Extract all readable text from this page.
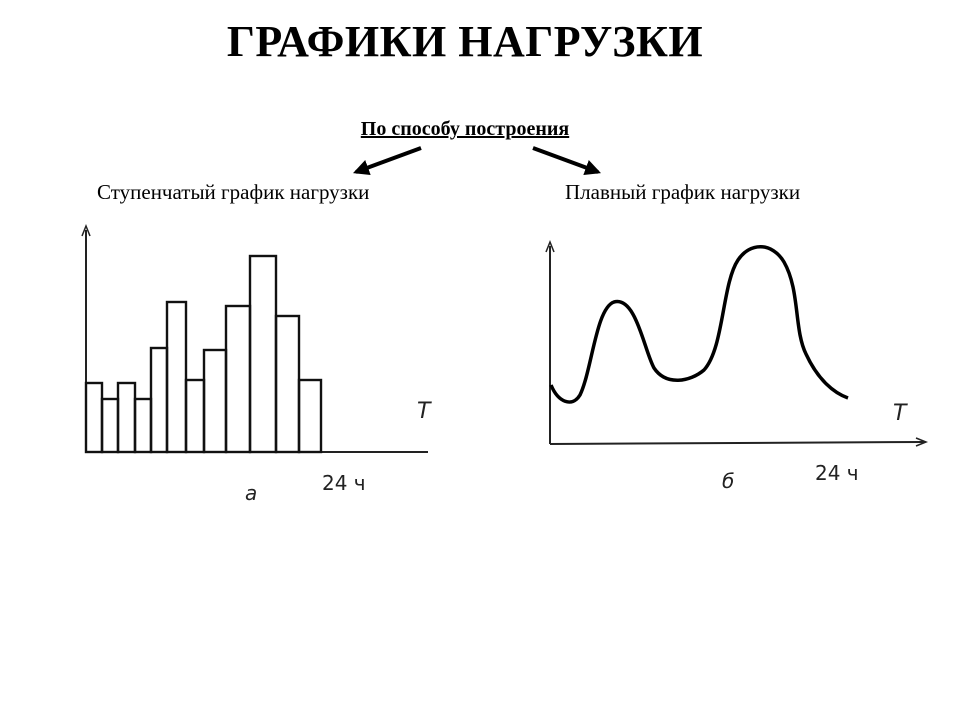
ГРАФИКИ НАГРУЗКИ
По способу построения
Ступенчатый график нагрузки	Плавный график нагрузки
T
24 ч
а
T
24 ч
б
